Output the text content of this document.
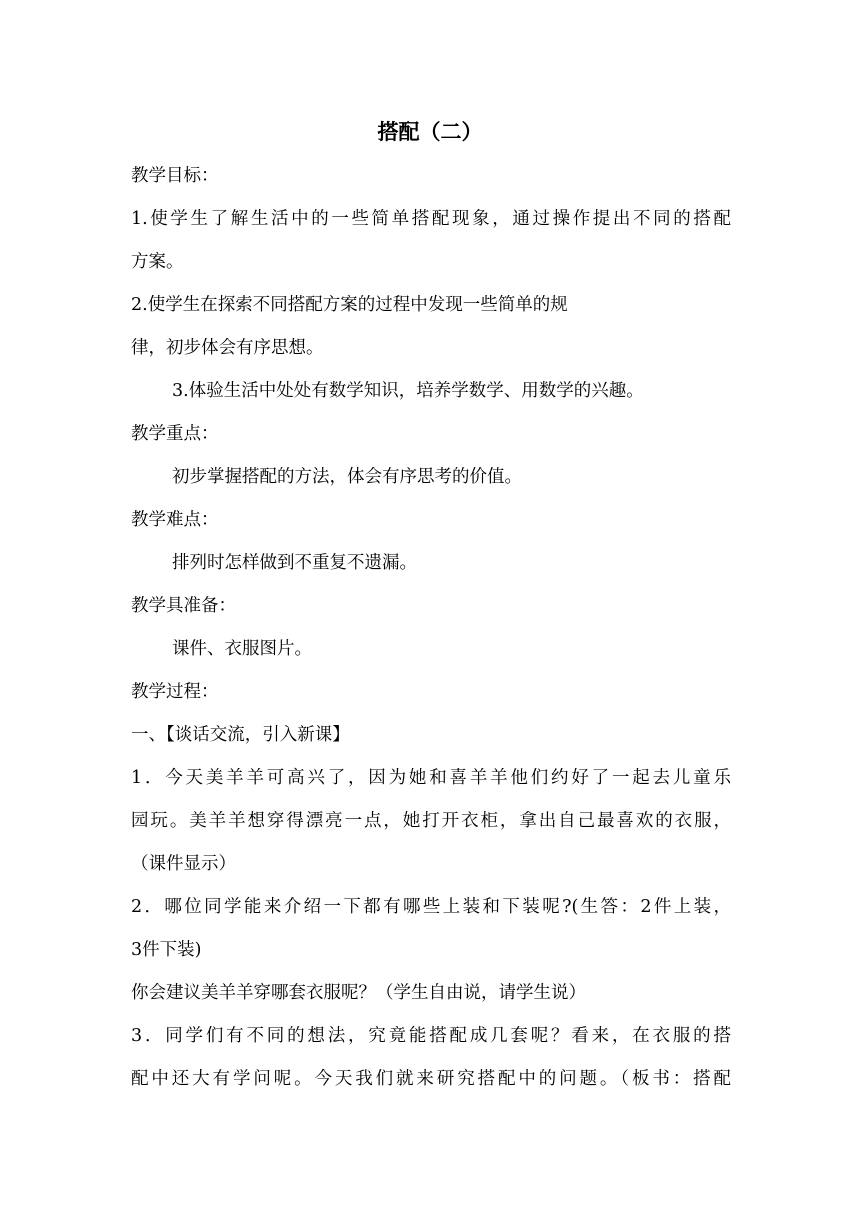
搭配（二）

教学目标：

1.使学生了解生活中的一些简单搭配现象，通过操作提出不同的搭配

方案。

2.使学生在探索不同搭配方案的过程中发现一些简单的规

律，初步体会有序思想。

3.体验生活中处处有数学知识，培养学数学、用数学的兴趣。

教学重点：

初步掌握搭配的方法，体会有序思考的价值。

教学难点：

排列时怎样做到不重复不遗漏。

教学具准备：

课件、衣服图片。

教学过程：

一、【谈话交流，引入新课】

1．今天美羊羊可高兴了，因为她和喜羊羊他们约好了一起去儿童乐

园玩。美羊羊想穿得漂亮一点，她打开衣柜，拿出自己最喜欢的衣服，

（课件显示）

2．哪位同学能来介绍一下都有哪些上装和下装呢?(生答：2件上装，

3件下装)

你会建议美羊羊穿哪套衣服呢？（学生自由说，请学生说）

3．同学们有不同的想法，究竟能搭配成几套呢？看来，在衣服的搭

配中还大有学问呢。今天我们就来研究搭配中的问题。（板书：搭配
